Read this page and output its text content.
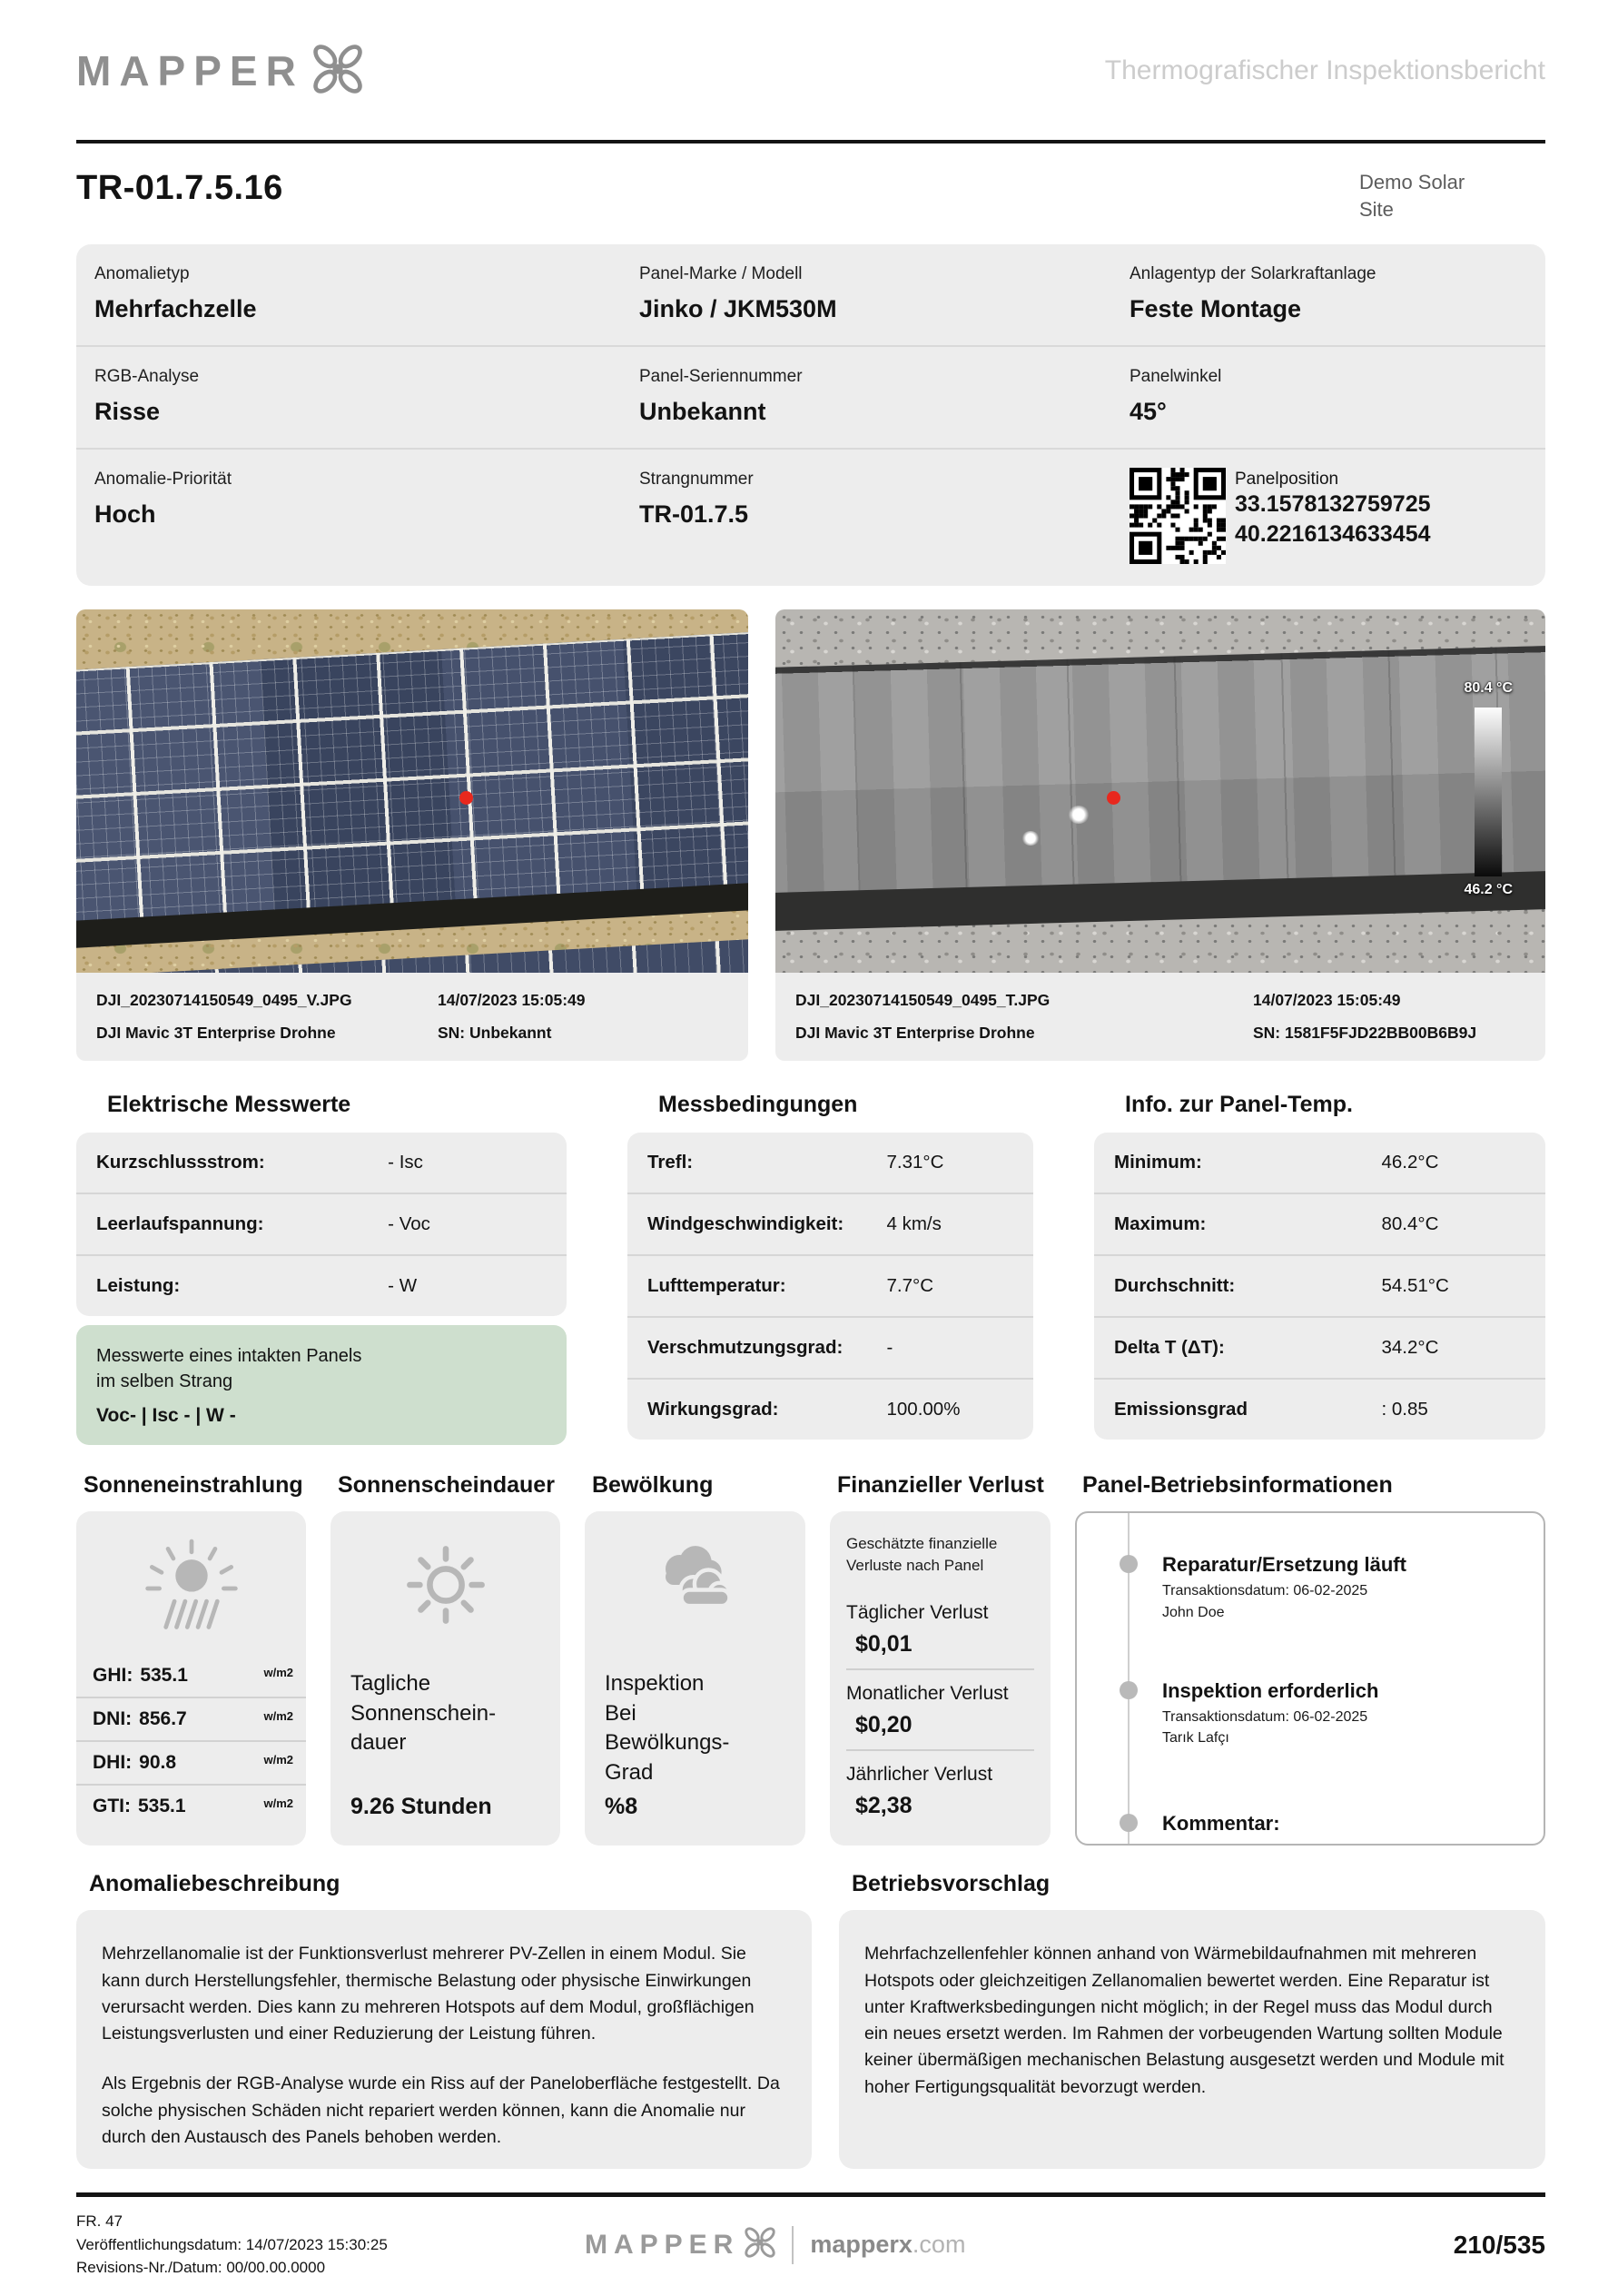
MAPPER	Thermografischer Inspektionsbericht
TR-01.7.5.16	Demo Solar
Site
Anomalietyp
Mehrfachzelle
Panel-Marke / Modell
Jinko / JKM530M
Anlagentyp der Solarkraftanlage
Feste Montage
RGB-Analyse
Risse
Panel-Seriennummer
Unbekannt
Panelwinkel
45°
Anomalie-Priorität
Hoch
Strangnummer
TR-01.7.5
Panelposition
33.1578132759725
40.2216134633454
DJI_20230714150549_0495_V.JPG	14/07/2023 15:05:49
DJI Mavic 3T Enterprise Drohne	SN: Unbekannt
80.4 °C
46.2 °C
DJI_20230714150549_0495_T.JPG	14/07/2023 15:05:49
DJI Mavic 3T Enterprise Drohne	SN: 1581F5FJD22BB00B6B9J
Elektrische Messwerte	Messbedingungen	Info. zur Panel-Temp.
Kurzschlussstrom:	- Isc
Leerlaufspannung:	- Voc
Leistung:	- W
Messwerte eines intakten Panels
im selben Strang
Voc- | Isc - | W -
Trefl:	7.31°C
Windgeschwindigkeit:	4 km/s
Lufttemperatur:	7.7°C
Verschmutzungsgrad:	-
Wirkungsgrad:	100.00%
Minimum:	46.2°C
Maximum:	80.4°C
Durchschnitt:	54.51°C
Delta T (ΔT):	34.2°C
Emissionsgrad	: 0.85
Sonneneinstrahlung	Sonnenscheindauer	Bewölkung	Finanzieller Verlust	Panel-Betriebsinformationen
GHI: 535.1	w/m2
DNI: 856.7	w/m2
DHI: 90.8	w/m2
GTI: 535.1	w/m2
Tagliche
Sonnenschein-
dauer
9.26 Stunden
Inspektion
Bei
Bewölkungs-
Grad
%8
Geschätzte finanzielle
Verluste nach Panel
Täglicher Verlust
$0,01
Monatlicher Verlust
$0,20
Jährlicher Verlust
$2,38
Reparatur/Ersetzung läuft
Transaktionsdatum: 06-02-2025
John Doe
Inspektion erforderlich
Transaktionsdatum: 06-02-2025
Tarık Lafçı
Kommentar:
Anomaliebeschreibung	Betriebsvorschlag

Mehrzellanomalie ist der Funktionsverlust mehrerer PV-Zellen in einem Modul. Sie kann durch Herstellungsfehler, thermische Belastung oder physische Einwirkungen verursacht werden. Dies kann zu mehreren Hotspots auf dem Modul, großflächigen Leistungsverlusten und einer Reduzierung der Leistung führen.

Als Ergebnis der RGB-Analyse wurde ein Riss auf der Paneloberfläche festgestellt. Da solche physischen Schäden nicht repariert werden können, kann die Anomalie nur durch den Austausch des Panels behoben werden.

Mehrfachzellenfehler können anhand von Wärmebildaufnahmen mit mehreren Hotspots oder gleichzeitigen Zellanomalien bewertet werden. Eine Reparatur ist unter Kraftwerksbedingungen nicht möglich; in der Regel muss das Modul durch ein neues ersetzt werden. Im Rahmen der vorbeugenden Wartung sollten Module keiner übermäßigen mechanischen Belastung ausgesetzt werden und Module mit hoher Fertigungsqualität bevorzugt werden.

FR. 47
Veröffentlichungsdatum: 14/07/2023 15:30:25
Revisions-Nr./Datum: 00/00.00.0000
MAPPER	mapperx .com	210/535
